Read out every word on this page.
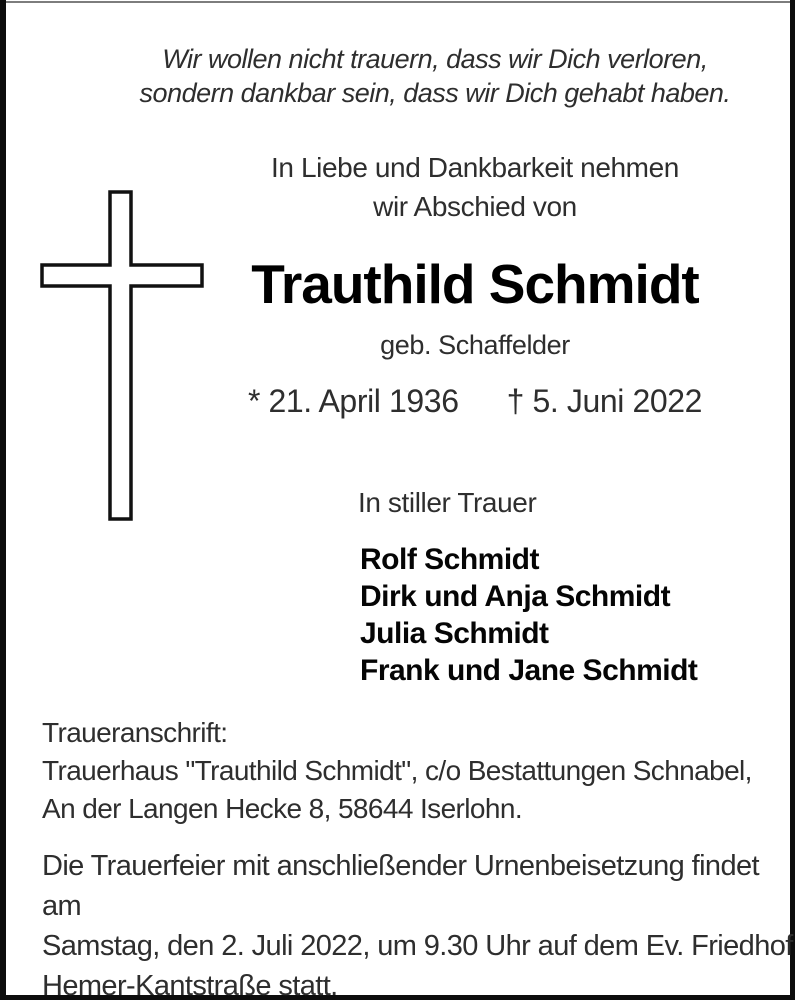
Wir wollen nicht trauern, dass wir Dich verloren,
sondern dankbar sein, dass wir Dich gehabt haben.
In Liebe und Dankbarkeit nehmen
wir Abschied von
Trauthild Schmidt
geb. Schaffelder
* 21. April 1936 † 5. Juni 2022
In stiller Trauer
Rolf Schmidt
Dirk und Anja Schmidt
Julia Schmidt
Frank und Jane Schmidt
Traueranschrift:
Trauerhaus "Trauthild Schmidt", c/o Bestattungen Schnabel,
An der Langen Hecke 8, 58644 Iserlohn.
Die Trauerfeier mit anschließender Urnenbeisetzung findet am
Samstag, den 2. Juli 2022, um 9.30 Uhr auf dem Ev. Friedhof
Hemer-Kantstraße statt.
